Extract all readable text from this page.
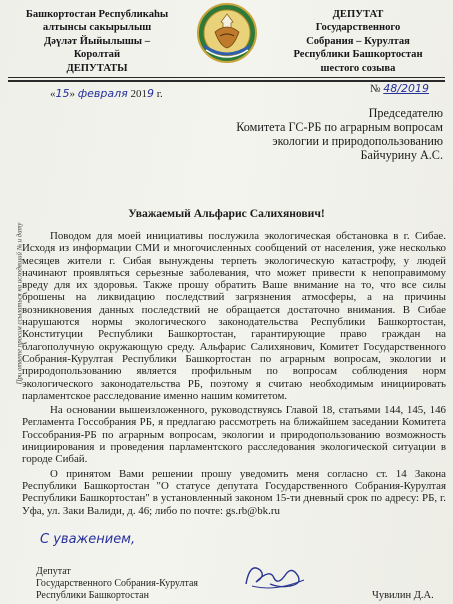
Башкортостан Республикаһы
алтынсы сакырылыш
Дәүләт Йыйылышы –
Королтай
ДЕПУТАТЫ
ДЕПУТАТ
Государственного
Собрания – Курултая
Республики Башкортостан
шестого созыва
«15» февраля 2019 г.	№ 48/2019
Председателю
Комитета ГС-РБ по аграрным вопросам
экологии и природопользованию
Байчурину А.С.
При ответе просим ссылаться на исходящий № и дату
Уважаемый Альфарис Салихянович!

Поводом для моей инициативы послужила экологическая обстановка в г. Сибае. Исходя из информации СМИ и многочисленных сообщений от населения, уже несколько месяцев жители г. Сибая вынуждены терпеть экологическую катастрофу, у людей начинают проявляться серьезные заболевания, что может привести к непоправимому вреду для их здоровья. Также прошу обратить Ваше внимание на то, что все силы брошены на ликвидацию последствий загрязнения атмосферы, а на причины возникновения данных последствий не обращается достаточно внимания. В Сибае нарушаются нормы экологического законодательства Республики Башкортостан, Конституции Республики Башкортостан, гарантирующие право граждан на благополучную окружающую среду. Альфарис Салихянович, Комитет Государственного Собрания-Курултая Республики Башкортостан по аграрным вопросам, экологии и природопользованию является профильным по вопросам соблюдения норм экологического законодательства РБ, поэтому я считаю необходимым инициировать парламентское расследование именно нашим комитетом.

На основании вышеизложенного, руководствуясь Главой 18, статьями 144, 145, 146 Регламента Госсобрания РБ, я предлагаю рассмотреть на ближайшем заседании Комитета Госсобрания-РБ по аграрным вопросам, экологии и природопользованию возможность инициирования и проведения парламентского расследования экологической ситуации в городе Сибай.

О принятом Вами решении прошу уведомить меня согласно ст. 14 Закона Республики Башкортостан "О статусе депутата Государственного Собрания-Курултая Республики Башкортостан" в установленный законом 15-ти дневный срок по адресу: РБ, г. Уфа, ул. Заки Валиди, д. 46; либо по почте: gs.rb@bk.ru

С уважением,
Депутат
Государственного Собрания-Курултая
Республики Башкортостан	Чувилин Д.А.
